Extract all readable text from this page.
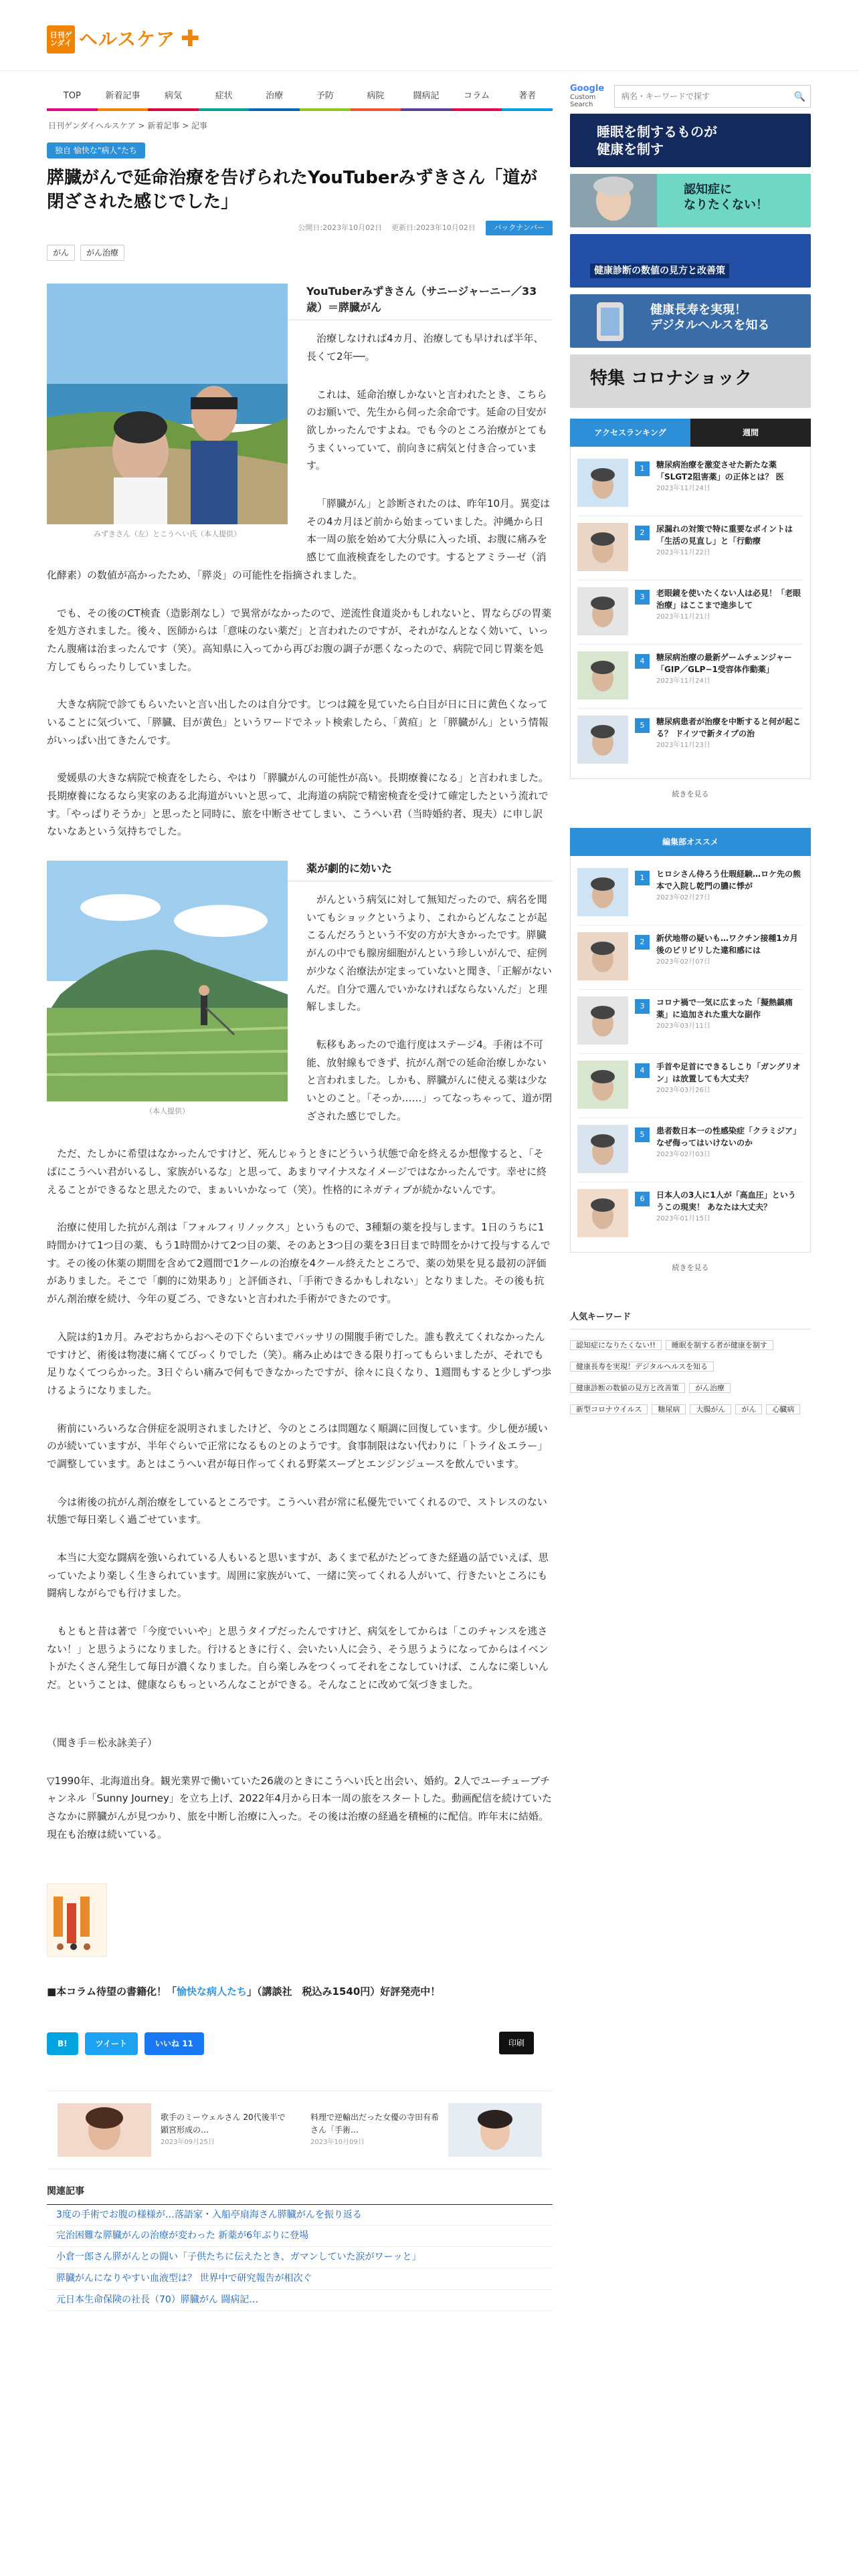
日刊ゲンダイ ヘルスケア ✚
TOP	新着記事	病気	症状	治療	予防	病院	闘病記	コラム	著者
Google
Custom Search
病名・キーワードで探す
🔍
日刊ゲンダイヘルスケア > 新着記事 > 記事
独自 愉快な"病人"たち
膵臓がんで延命治療を告げられたYouTuberみずきさん「道が閉ざされた感じでした」
公開日:2023年10月02日 更新日:2023年10月02日	バックナンバー
がん	がん治療
みずきさん（左）とこうへい氏（本人提供）
YouTuberみずきさん（サニージャーニー／33歳）＝膵臓がん

治療しなければ4カ月、治療しても早ければ半年、長くて2年──。

これは、延命治療しかないと言われたとき、こちらのお願いで、先生から伺った余命です。延命の目安が欲しかったんですよね。でも今のところ治療がとてもうまくいっていて、前向きに病気と付き合っています。

「膵臓がん」と診断されたのは、昨年10月。異変はその4カ月ほど前から始まっていました。沖縄から日本一周の旅を始めて大分県に入った頃、お腹に痛みを感じて血液検査をしたのです。するとアミラーゼ（消化酵素）の数値が高かったため、「膵炎」の可能性を指摘されました。

でも、その後のCT検査（造影剤なし）で異常がなかったので、逆流性食道炎かもしれないと、胃ならびの胃薬を処方されました。後々、医師からは「意味のない薬だ」と言われたのですが、それがなんとなく効いて、いったん腹痛は治まったんです（笑）。高知県に入ってから再びお腹の調子が悪くなったので、病院で同じ胃薬を処方してもらったりしていました。

大きな病院で診てもらいたいと言い出したのは自分です。じつは鏡を見ていたら白目が日に日に黄色くなっていることに気づいて、「膵臓、目が黄色」というワードでネット検索したら、「黄疸」と「膵臓がん」という情報がいっぱい出てきたんです。

愛媛県の大きな病院で検査をしたら、やはり「膵臓がんの可能性が高い。長期療養になる」と言われました。長期療養になるなら実家のある北海道がいいと思って、北海道の病院で精密検査を受けて確定したという流れです。「やっぱりそうか」と思ったと同時に、旅を中断させてしまい、こうへい君（当時婚約者、現夫）に申し訳ないなあという気持ちでした。

（本人提供）
薬が劇的に効いた

がんという病気に対して無知だったので、病名を聞いてもショックというより、これからどんなことが起こるんだろうという不安の方が大きかったです。膵臓がんの中でも腺房細胞がんという珍しいがんで、症例が少なく治療法が定まっていないと聞き、「正解がないんだ。自分で選んでいかなければならないんだ」と理解しました。

転移もあったので進行度はステージ4。手術は不可能、放射線もできず、抗がん剤での延命治療しかないと言われました。しかも、膵臓がんに使える薬は少ないとのこと。「そっか……」ってなっちゃって、道が閉ざされた感じでした。

ただ、たしかに希望はなかったんですけど、死んじゃうときにどういう状態で命を終えるか想像すると、「そばにこうへい君がいるし、家族がいるな」と思って、あまりマイナスなイメージではなかったんです。幸せに終えることができるなと思えたので、まぁいいかなって（笑）。性格的にネガティブが続かないんです。

治療に使用した抗がん剤は「フォルフィリノックス」というもので、3種類の薬を投与します。1日のうちに1時間かけて1つ目の薬、もう1時間かけて2つ目の薬、そのあと3つ目の薬を3日目まで時間をかけて投与するんです。その後の休薬の期間を含めて2週間で1クールの治療を4クール終えたところで、薬の効果を見る最初の評価がありました。そこで「劇的に効果あり」と評価され、「手術できるかもしれない」となりました。その後も抗がん剤治療を続け、今年の夏ごろ、できないと言われた手術ができたのです。

入院は約1カ月。みぞおちからおへその下ぐらいまでバッサリの開腹手術でした。誰も教えてくれなかったんですけど、術後は物凄に痛くてびっくりでした（笑）。痛み止めはできる限り打ってもらいましたが、それでも足りなくてつらかった。3日ぐらい痛みで何もできなかったですが、徐々に良くなり、1週間もすると少しずつ歩けるようになりました。

術前にいろいろな合併症を説明されましたけど、今のところは問題なく順調に回復しています。少し便が緩いのが続いていますが、半年ぐらいで正常になるものとのようです。食事制限はない代わりに「トライ＆エラー」で調整しています。あとはこうへい君が毎日作ってくれる野菜スープとエンジンジュースを飲んでいます。

今は術後の抗がん剤治療をしているところです。こうへい君が常に私優先でいてくれるので、ストレスのない状態で毎日楽しく過ごせています。

本当に大変な闘病を強いられている人もいると思いますが、あくまで私がたどってきた経過の話でいえば、思っていたより楽しく生きられています。周囲に家族がいて、一緒に笑ってくれる人がいて、行きたいところにも闘病しながらでも行けました。

もともと昔は著で「今度でいいや」と思うタイプだったんですけど、病気をしてからは「このチャンスを逃さない！」と思うようになりました。行けるときに行く、会いたい人に会う、そう思うようになってからはイベントがたくさん発生して毎日が濃くなりました。自ら楽しみをつくってそれをこなしていけば、こんなに楽しいんだ。ということは、健康ならもっといろんなことができる。そんなことに改めて気づきました。

（聞き手＝松永詠美子）

▽1990年、北海道出身。観光業界で働いていた26歳のときにこうへい氏と出会い、婚約。2人でユーチューブチャンネル「Sunny Journey」を立ち上げ、2022年4月から日本一周の旅をスタートした。動画配信を続けていたさなかに膵臓がんが見つかり、旅を中断し治療に入った。その後は治療の経過を積極的に配信。昨年末に結婚。現在も治療は続いている。

■本コラム待望の書籍化！「愉快な病人たち」（講談社　税込み1540円）好評発売中！

B!	ツイート	いいね 11	印刷
歌手のミーウェルさん 20代後半で顕宮形成の…
2023年09月25日
料理で逆輸出だった女優の寺田有希さん「手術…
2023年10月09日
関連記事
3度の手術でお腹の様様が…落語家・入船亭扇海さん膵臓がんを振り返る
完治困難な膵臓がんの治療が変わった 新薬が6年ぶりに登場
小倉一郎さん膵がんとの闘い「子供たちに伝えたとき、ガマンしていた涙がワーッと」
膵臓がんになりやすい血液型は？ 世界中で研究報告が相次ぐ
元日本生命保険の社長（70）膵臓がん 闘病記…
睡眠を制するものが
健康を制す
認知症に
なりたくない！
健康診断の数値の見方と改善策
健康長寿を実現！
デジタルヘルスを知る
特集 コロナショック
アクセスランキング	週間
1	糖尿病治療を激変させた新たな薬「SLGT2阻害薬」の正体とは？ 医
2023年11月24日
2	尿漏れの対策で特に重要なポイントは「生活の見直し」と「行動療
2023年11月22日
3	老眼鏡を使いたくない人は必見！「老眼治療」はここまで進歩して
2023年11月21日
4	糖尿病治療の最新ゲームチェンジャー「GIP／GLP−1受容体作動薬」
2023年11月24日
5	糖尿病患者が治療を中断すると何が起こる？ ドイツで新タイプの治
2023年11月23日
続きを見る
編集部オススメ
1	ヒロシさん侍ろう仕瑕経験…ロケ先の熊本で入院し乾門の膿に悸が
2023年02月27日
2	新伏地帯の疑いも…ワクチン接種1カ月後のビリビリした違和感には
2023年02月07日
3	コロナ禍で一気に広まった「擬熱鎮痛薬」に追加された重大な副作
2023年03月11日
4	手首や足首にできるしこり「ガングリオン」は放置しても大丈夫？
2023年03月26日
5	患者数日本一の性感染症「クラミジア」なぜ侮ってはいけないのか
2023年02月03日
6	日本人の3人に1人が「高血圧」といううこの現実！ あなたは大丈夫？
2023年01月15日
続きを見る
人気キーワード
認知症になりたくない!!	睡眠を制する者が健康を制す
健康長寿を実現！デジタルヘルスを知る
健康診断の数値の見方と改善策	がん治療
新型コロナウイルス	糖尿病	大腸がん	がん	心臓病
